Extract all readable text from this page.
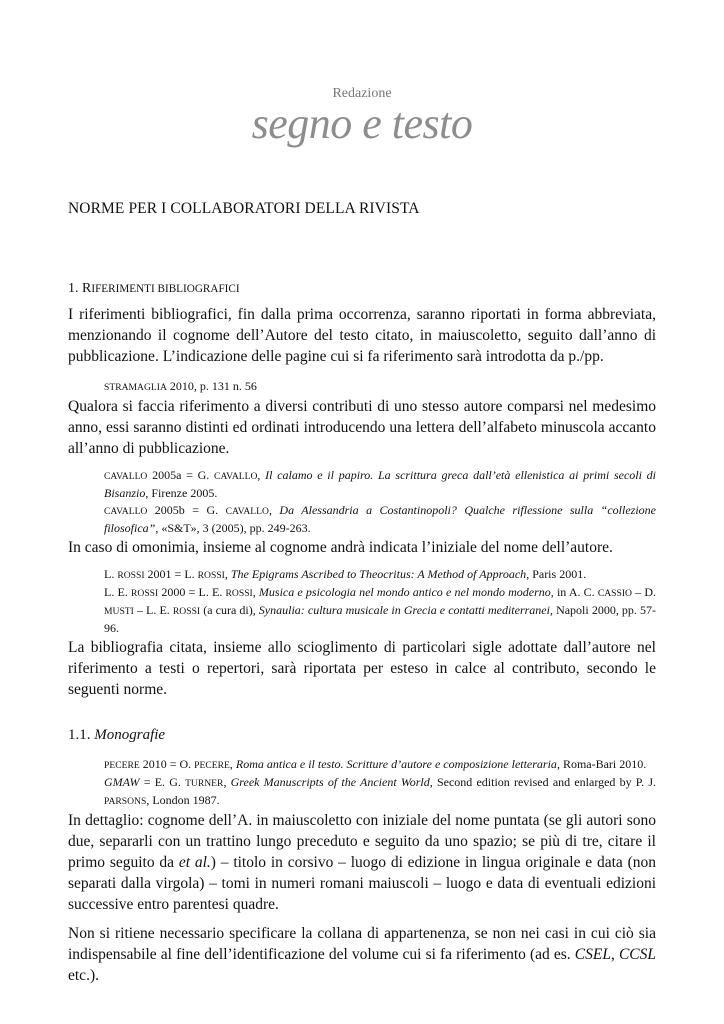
Redazione
segno e testo
NORME PER I COLLABORATORI DELLA RIVISTA
1. RIFERIMENTI BIBLIOGRAFICI

I riferimenti bibliografici, fin dalla prima occorrenza, saranno riportati in forma abbreviata, menzionando il cognome dell’Autore del testo citato, in maiuscoletto, seguito dall’anno di pubblicazione. L’indicazione delle pagine cui si fa riferimento sarà introdotta da p./pp.

STRAMAGLIA 2010, p. 131 n. 56

Qualora si faccia riferimento a diversi contributi di uno stesso autore comparsi nel medesimo anno, essi saranno distinti ed ordinati introducendo una lettera dell’alfabeto minuscola accanto all’anno di pubblicazione.

CAVALLO 2005a = G. CAVALLO, Il calamo e il papiro. La scrittura greca dall’età ellenistica ai primi secoli di Bisanzio, Firenze 2005.

CAVALLO 2005b = G. CAVALLO, Da Alessandria a Costantinopoli? Qualche riflessione sulla “collezione filosofica”, «S&T», 3 (2005), pp. 249-263.

In caso di omonimia, insieme al cognome andrà indicata l’iniziale del nome dell’autore.

L. ROSSI 2001 = L. ROSSI, The Epigrams Ascribed to Theocritus: A Method of Approach, Paris 2001.

L. E. ROSSI 2000 = L. E. ROSSI, Musica e psicologia nel mondo antico e nel mondo moderno, in A. C. CASSIO – D. MUSTI – L. E. ROSSI (a cura di), Synaulia: cultura musicale in Grecia e contatti mediterranei, Napoli 2000, pp. 57-96.

La bibliografia citata, insieme allo scioglimento di particolari sigle adottate dall’autore nel riferimento a testi o repertori, sarà riportata per esteso in calce al contributo, secondo le seguenti norme.

1.1. Monografie

PECERE 2010 = O. PECERE, Roma antica e il testo. Scritture d’autore e composizione letteraria, Roma-Bari 2010.

GMAW = E. G. TURNER, Greek Manuscripts of the Ancient World, Second edition revised and enlarged by P. J. PARSONS, London 1987.

In dettaglio: cognome dell’A. in maiuscoletto con iniziale del nome puntata (se gli autori sono due, separarli con un trattino lungo preceduto e seguito da uno spazio; se più di tre, citare il primo seguito da et al.) – titolo in corsivo – luogo di edizione in lingua originale e data (non separati dalla virgola) – tomi in numeri romani maiuscoli – luogo e data di eventuali edizioni successive entro parentesi quadre.

Non si ritiene necessario specificare la collana di appartenenza, se non nei casi in cui ciò sia indispensabile al fine dell’identificazione del volume cui si fa riferimento (ad es. CSEL, CCSL etc.).
